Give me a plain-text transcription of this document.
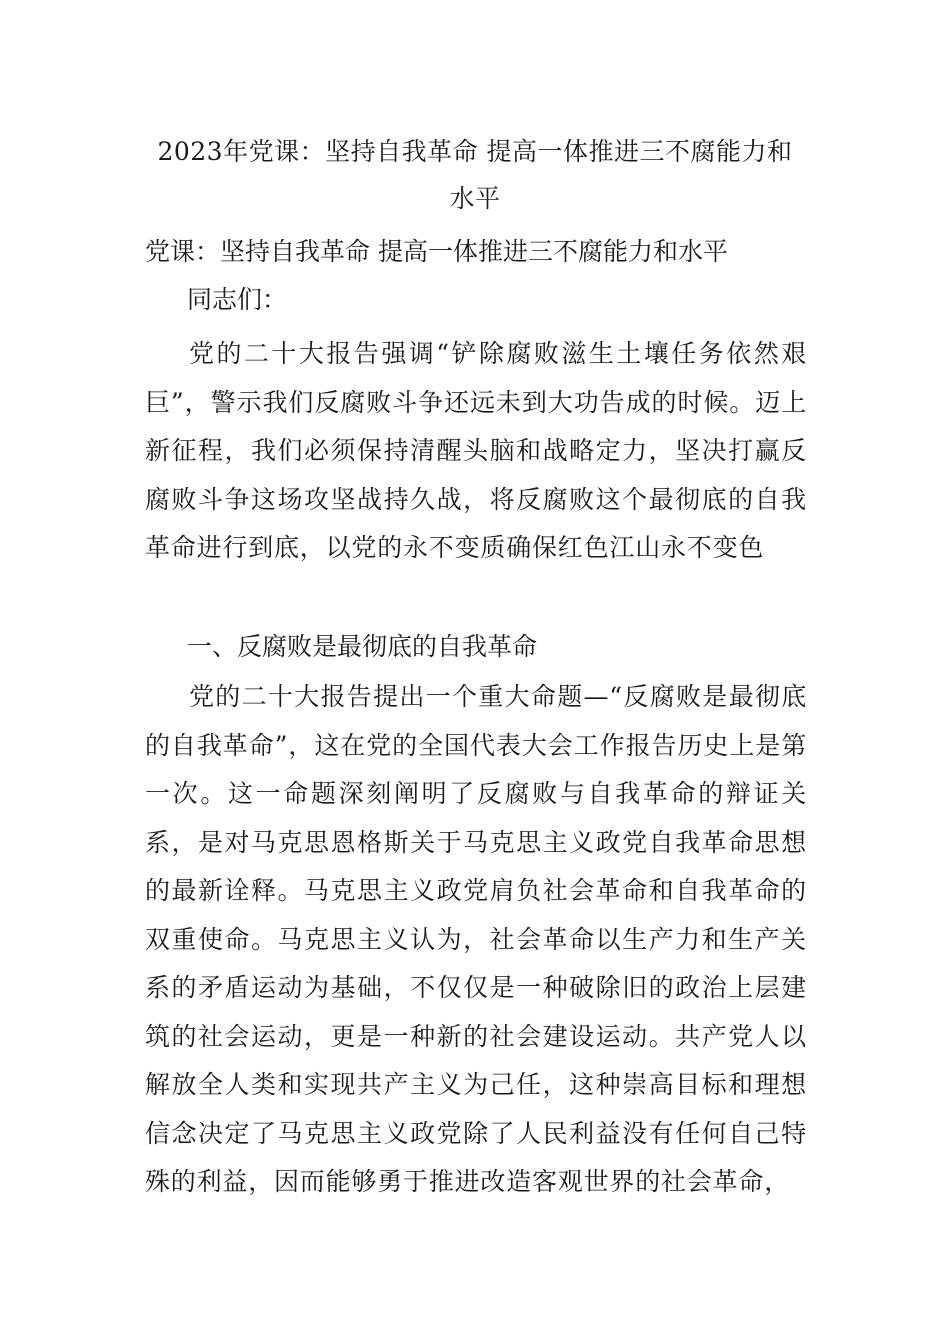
2023年党课：坚持自我革命 提高一体推进三不腐能力和水平
党课：坚持自我革命 提高一体推进三不腐能力和水平
同志们：
党的二十大报告强调“铲除腐败滋生土壤任务依然艰巨”，警示我们反腐败斗争还远未到大功告成的时候。迈上新征程，我们必须保持清醒头脑和战略定力，坚决打赢反腐败斗争这场攻坚战持久战，将反腐败这个最彻底的自我革命进行到底，以党的永不变质确保红色江山永不变色
一、反腐败是最彻底的自我革命
党的二十大报告提出一个重大命题—“反腐败是最彻底的自我革命”，这在党的全国代表大会工作报告历史上是第一次。这一命题深刻阐明了反腐败与自我革命的辩证关系，是对马克思恩格斯关于马克思主义政党自我革命思想的最新诠释。马克思主义政党肩负社会革命和自我革命的双重使命。马克思主义认为，社会革命以生产力和生产关系的矛盾运动为基础，不仅仅是一种破除旧的政治上层建筑的社会运动，更是一种新的社会建设运动。共产党人以解放全人类和实现共产主义为己任，这种崇高目标和理想信念决定了马克思主义政党除了人民利益没有任何自己特殊的利益，因而能够勇于推进改造客观世界的社会革命，
